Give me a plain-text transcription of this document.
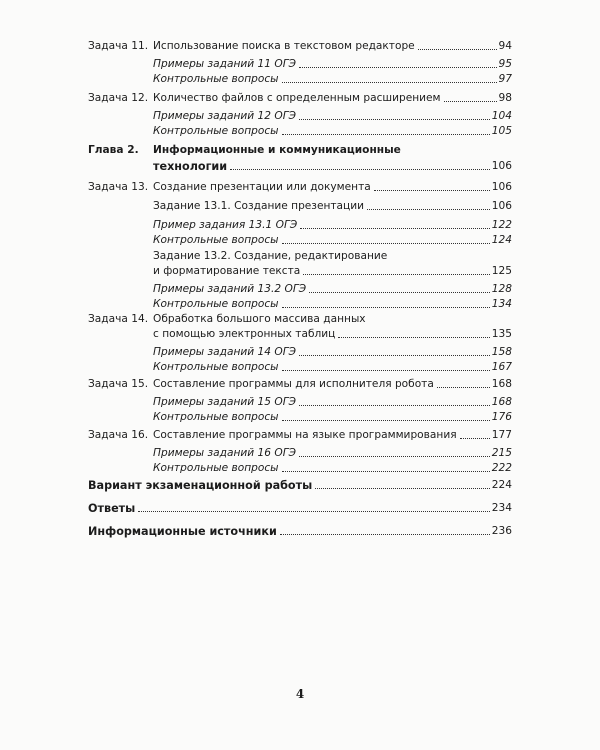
Задача 11. Использование поиска в текстовом редакторе	94
Примеры заданий 11 ОГЭ	95
Контрольные вопросы	97
Задача 12. Количество файлов с определенным расширением	98
Примеры заданий 12 ОГЭ	104
Контрольные вопросы	105
Глава 2. Информационные и коммуникационные
технологии	106
Задача 13. Создание презентации или документа	106
Задание 13.1. Создание презентации	106
Пример задания 13.1 ОГЭ	122
Контрольные вопросы	124
Задание 13.2. Создание, редактирование
и форматирование текста	125
Примеры заданий 13.2 ОГЭ	128
Контрольные вопросы	134
Задача 14. Обработка большого массива данных
с помощью электронных таблиц	135
Примеры заданий 14 ОГЭ	158
Контрольные вопросы	167
Задача 15. Составление программы для исполнителя робота	168
Примеры заданий 15 ОГЭ	168
Контрольные вопросы	176
Задача 16. Составление программы на языке программирования	177
Примеры заданий 16 ОГЭ	215
Контрольные вопросы	222
Вариант экзаменационной работы	224
Ответы	234
Информационные источники	236
4
